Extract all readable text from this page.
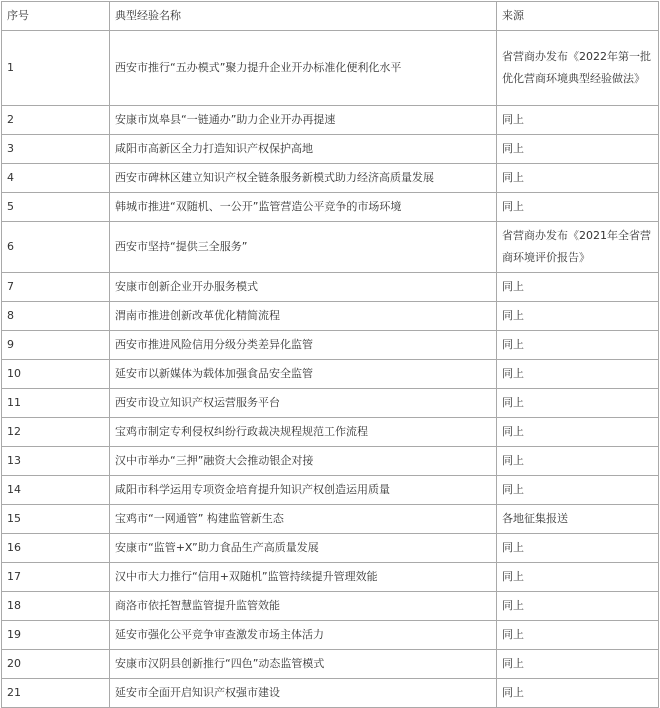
序号	典型经验名称	来源
1	西安市推行“五办模式”聚力提升企业开办标准化便利化水平	省营商办发布《2022年第一批优化营商环境典型经验做法》
2	安康市岚皋县“一链通办”助力企业开办再提速	同上
3	咸阳市高新区全力打造知识产权保护高地	同上
4	西安市碑林区建立知识产权全链条服务新模式助力经济高质量发展	同上
5	韩城市推进“双随机、一公开”监管营造公平竞争的市场环境	同上
6	西安市坚持“提供三全服务”	省营商办发布《2021年全省营商环境评价报告》
7	安康市创新企业开办服务模式	同上
8	渭南市推进创新改革优化精简流程	同上
9	西安市推进风险信用分级分类差异化监管	同上
10	延安市以新媒体为载体加强食品安全监管	同上
11	西安市设立知识产权运营服务平台	同上
12	宝鸡市制定专利侵权纠纷行政裁决规程规范工作流程	同上
13	汉中市举办“三押”融资大会推动银企对接	同上
14	咸阳市科学运用专项资金培育提升知识产权创造运用质量	同上
15	宝鸡市“一网通管” 构建监管新生态	各地征集报送
16	安康市“监管+X”助力食品生产高质量发展	同上
17	汉中市大力推行“信用+双随机”监管持续提升管理效能	同上
18	商洛市依托智慧监管提升监管效能	同上
19	延安市强化公平竞争审查激发市场主体活力	同上
20	安康市汉阴县创新推行“四色”动态监管模式	同上
21	延安市全面开启知识产权强市建设	同上
